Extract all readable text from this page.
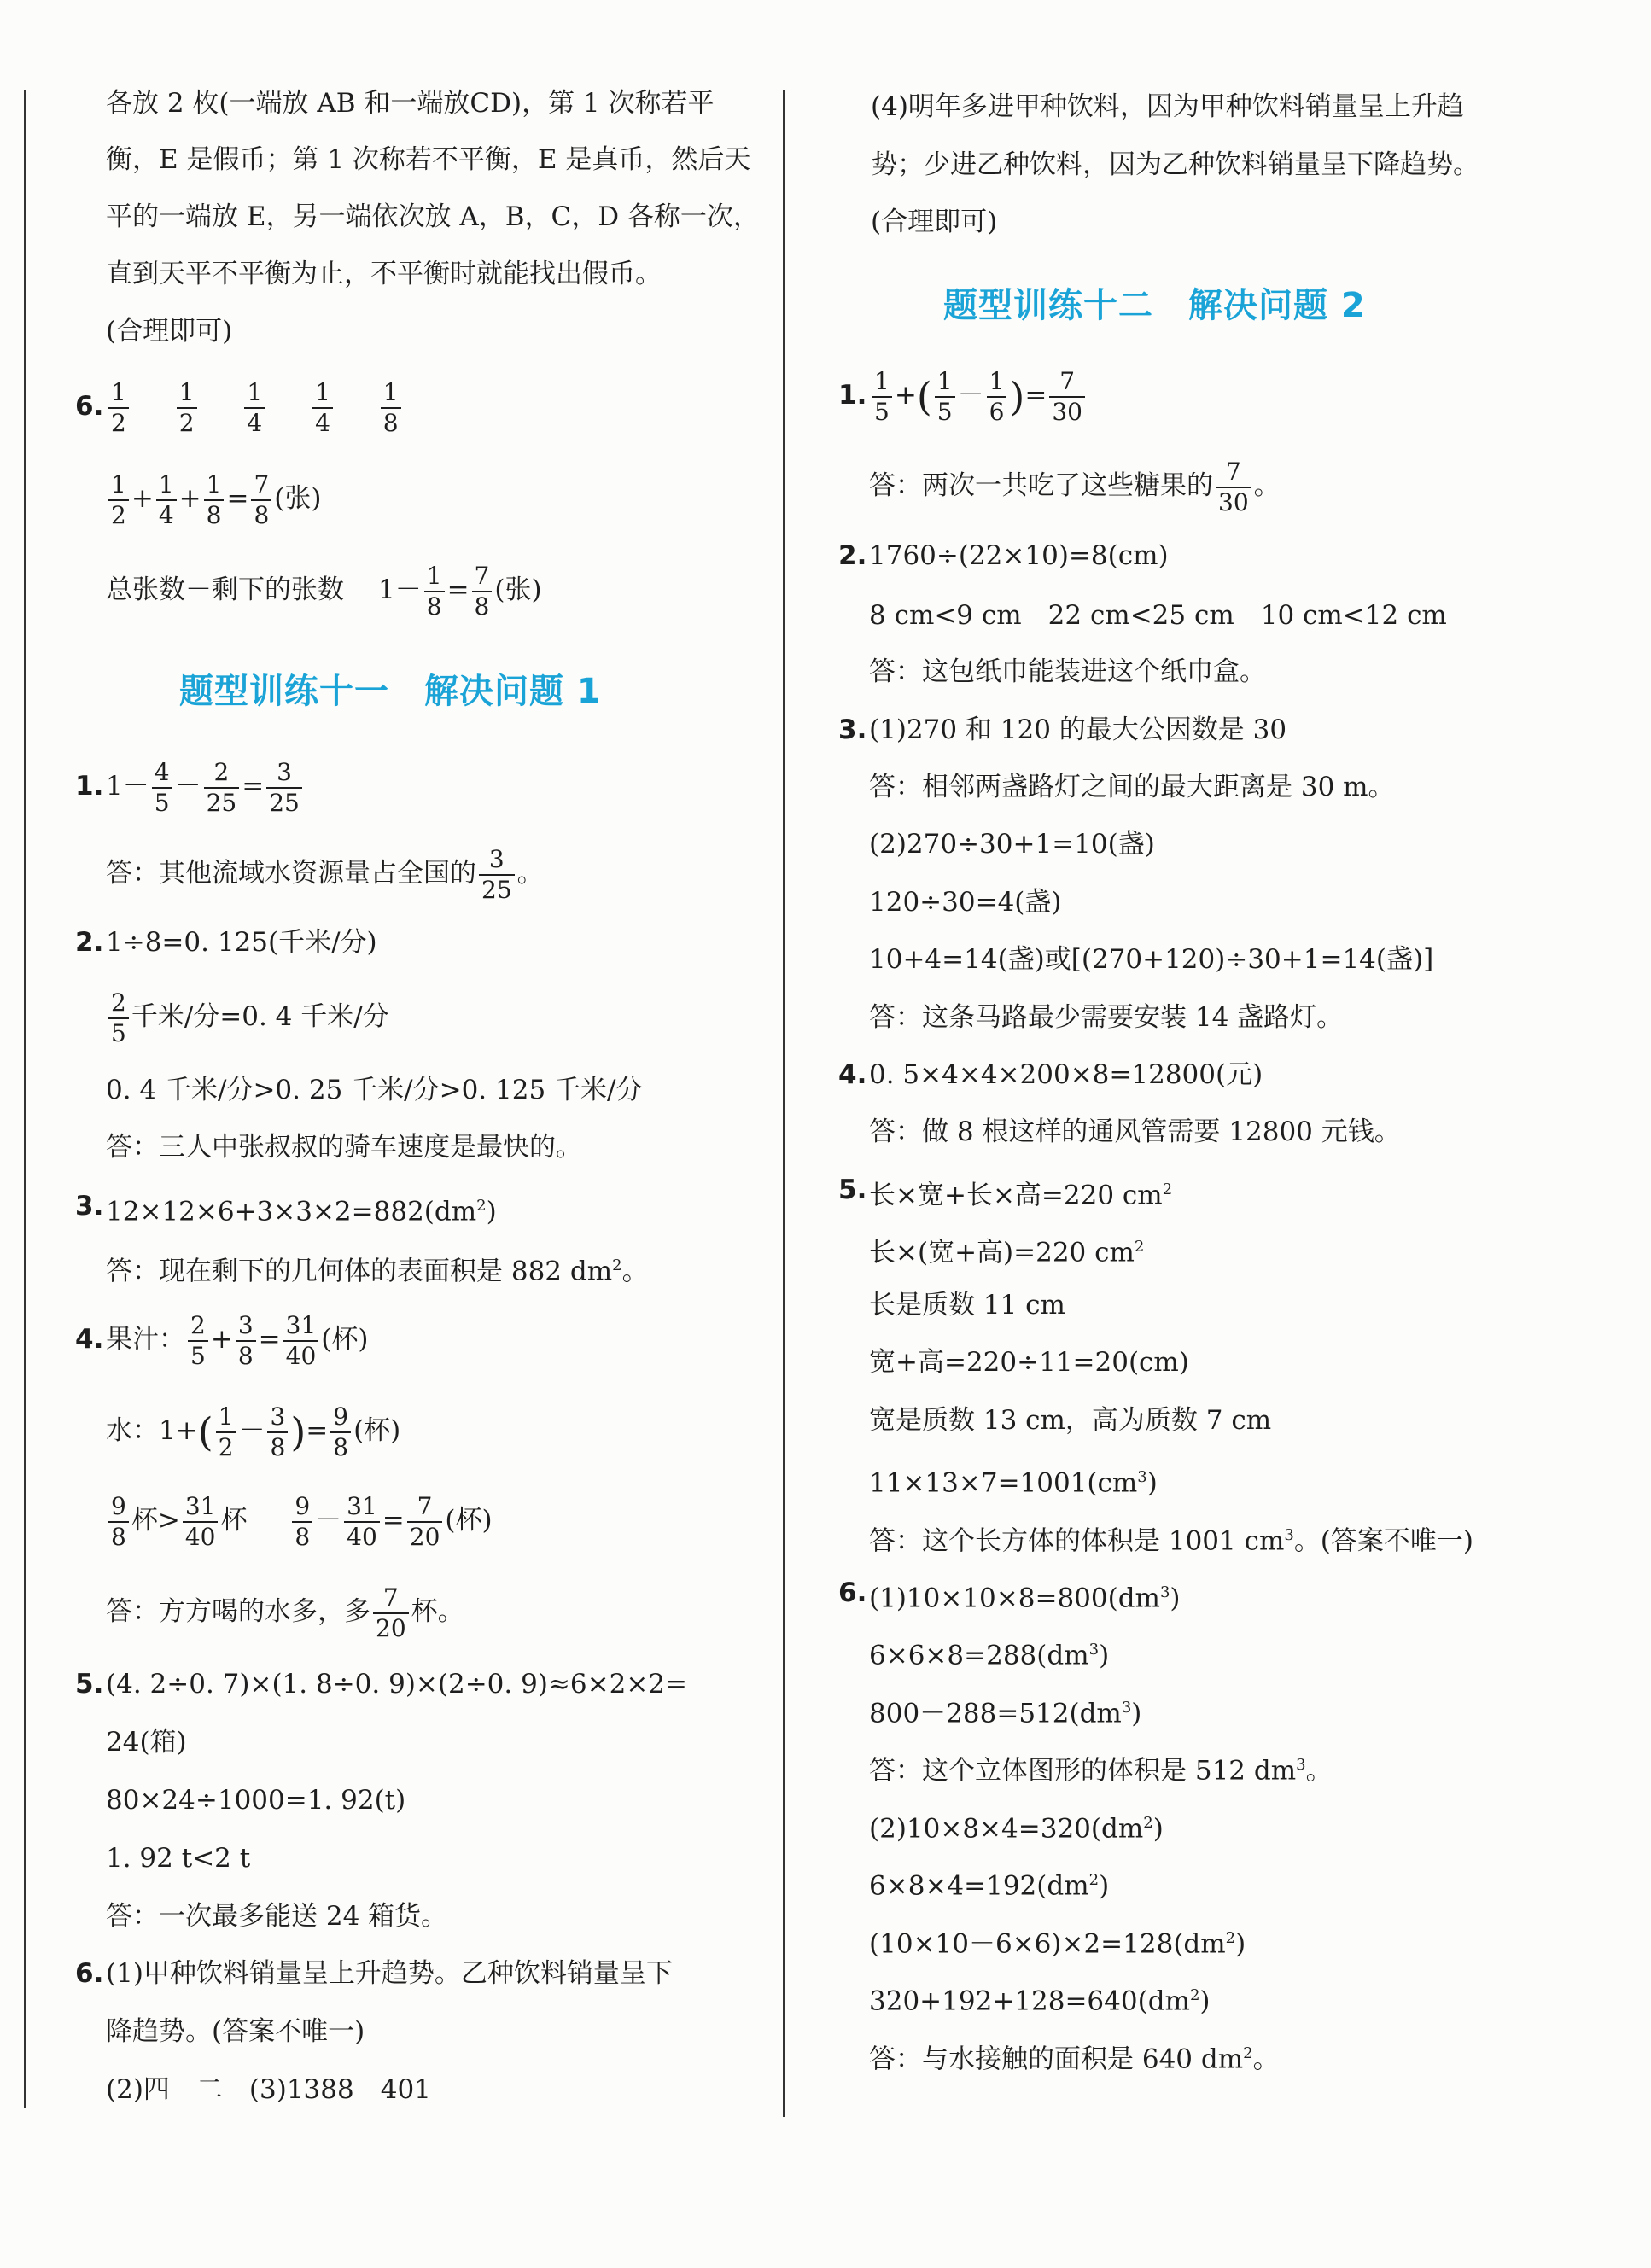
各放 2 枚(一端放 AB 和一端放CD)，第 1 次称若平
衡，E 是假币；第 1 次称若不平衡，E 是真币，然后天
平的一端放 E，另一端依次放 A，B，C，D 各称一次，
直到天平不平衡为止，不平衡时就能找出假币。
(合理即可)
6. $\frac{1}{2}$
$\frac{1}{2}$
$\frac{1}{4}$
$\frac{1}{4}$
$\frac{1}{8}$
$\frac{1}{2} + \frac{1}{4} + \frac{1}{8} = \frac{7}{8}$ (张)
总张数－剩下的张数 $1- \frac{1}{8} = \frac{7}{8}$ (张)
题型训练十一　解决问题 1
1. $1- \frac{4}{5} - \frac{2}{25} = \frac{3}{25}$
答：其他流域水资源量占全国的 $\frac{3}{25}$ 。
2. 1÷8=0. 125(千米/分)
$\frac{2}{5}$ 千米/分=0. 4 千米/分
0. 4 千米/分>0. 25 千米/分>0. 125 千米/分
答：三人中张叔叔的骑车速度是最快的。
3. $12\times 12\times 6+3\times 3\times 2=882(dm^2)$
答：现在剩下的几何体的表面积是 882 $dm^2$。
4. 果汁： $\frac{2}{5} + \frac{3}{8} = \frac{31}{40}$ (杯)
水：$1+( \frac{1}{2} - \frac{3}{8}$ )= $\frac{9}{8}$ (杯)
$\frac{9}{8}$ 杯> $\frac{31}{40}$ 杯 $\frac{9}{8} - \frac{31}{40} = \frac{7}{20}$ (杯)
答：方方喝的水多，多 $\frac{7}{20}$ 杯。
5. (4. 2÷0. 7)×(1. 8÷0. 9)×(2÷0. 9)≈6×2×2=
24(箱)
80×24÷1000=1. 92(t)
1. 92 t<2 t
答：一次最多能送 24 箱货。
6. (1)甲种饮料销量呈上升趋势。乙种饮料销量呈下
降趋势。(答案不唯一)
(2)四　二　(3)1388　401
(4)明年多进甲种饮料，因为甲种饮料销量呈上升趋
势；少进乙种饮料，因为乙种饮料销量呈下降趋势。
(合理即可)
题型训练十二　解决问题 2
1. $\frac{1}{5}$ +( $\frac{1}{5} - \frac{1}{6}$ )= $\frac{7}{30}$
答：两次一共吃了这些糖果的 $\frac{7}{30}$ 。
2. 1760÷(22×10)=8(cm)
8 cm<9 cm　22 cm<25 cm　10 cm<12 cm
答：这包纸巾能装进这个纸巾盒。
3. (1)270 和 120 的最大公因数是 30
答：相邻两盏路灯之间的最大距离是 30 m。
(2)270÷30+1=10(盏)
120÷30=4(盏)
10+4=14(盏)或[(270+120)÷30+1=14(盏)]
答：这条马路最少需要安装 14 盏路灯。
4. 0. 5×4×4×200×8=12800(元)
答：做 8 根这样的通风管需要 12800 元钱。
5. 长×宽+长×高=220 $cm^2$
长×(宽+高)=220 $cm^2$
长是质数 11 cm
宽+高=220÷11=20(cm)
宽是质数 13 cm，高为质数 7 cm
$11\times 13\times 7=1001(cm^3)$
答：这个长方体的体积是 1001 $cm^3$。(答案不唯一)
6. $(1)10\times 10\times 8=800(dm^3)$
$6\times 6\times 8=288(dm^3)$
$800-288=512(dm^3)$
答：这个立体图形的体积是 512 $dm^3$。
$(2)10\times 8\times 4=320(dm^2)$
$6\times 8\times 4=192(dm^2)$
$(10\times 10-6\times 6)\times 2=128(dm^2)$
$320+192+128=640(dm^2)$
答：与水接触的面积是 640 $dm^2$。
